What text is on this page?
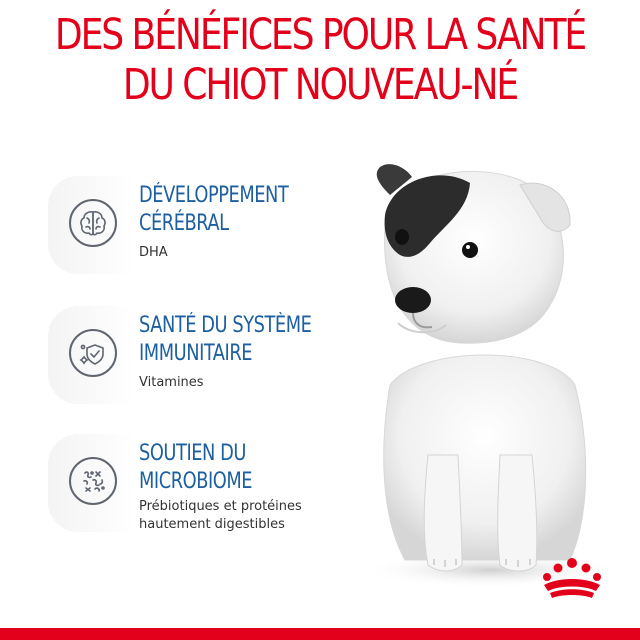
DES BÉNÉFICES POUR LA SANTÉ
DU CHIOT NOUVEAU-NÉ
DÉVELOPPEMENT
CÉRÉBRAL
DHA
SANTÉ DU SYSTÈME
IMMUNITAIRE
Vitamines
SOUTIEN DU
MICROBIOME
Prébiotiques et protéines
hautement digestibles
